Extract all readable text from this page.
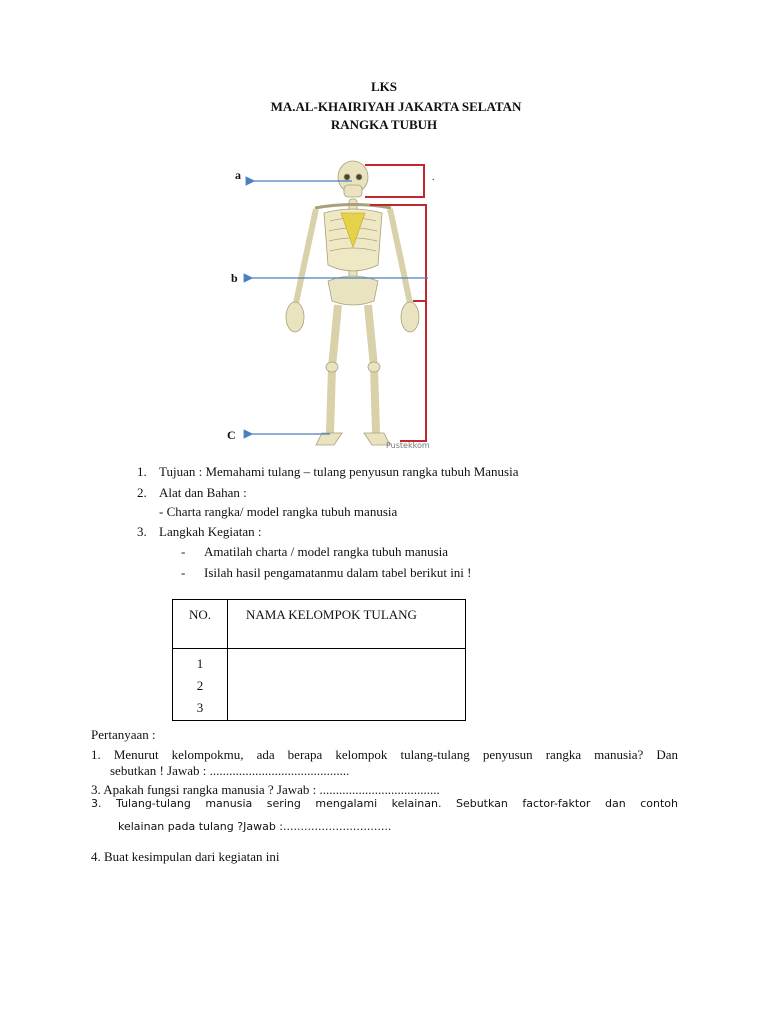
LKS
MA.AL-KHAIRIYAH JAKARTA SELATAN
RANGKA TUBUH
.
Pustekkom
a
b
C
1. Tujuan : Memahami tulang – tulang penyusun rangka tubuh Manusia
2. Alat dan Bahan :
- Charta rangka/ model rangka tubuh manusia
3. Langkah Kegiatan :
- Amatilah charta / model rangka tubuh manusia
- Isilah hasil pengamatanmu dalam tabel berikut ini !
NO.	NAMA KELOMPOK TULANG

1
2
3	

Pertanyaan :
1. Menurut kelompokmu, ada berapa kelompok tulang-tulang penyusun rangka manusia? Dan
sebutkan ! Jawab : ...........................................
3. Apakah fungsi rangka manusia ? Jawab : .....................................
3. Tulang-tulang manusia sering mengalami kelainan. Sebutkan factor-faktor dan contoh
kelainan pada tulang ?Jawab :...............................
4. Buat kesimpulan dari kegiatan ini
